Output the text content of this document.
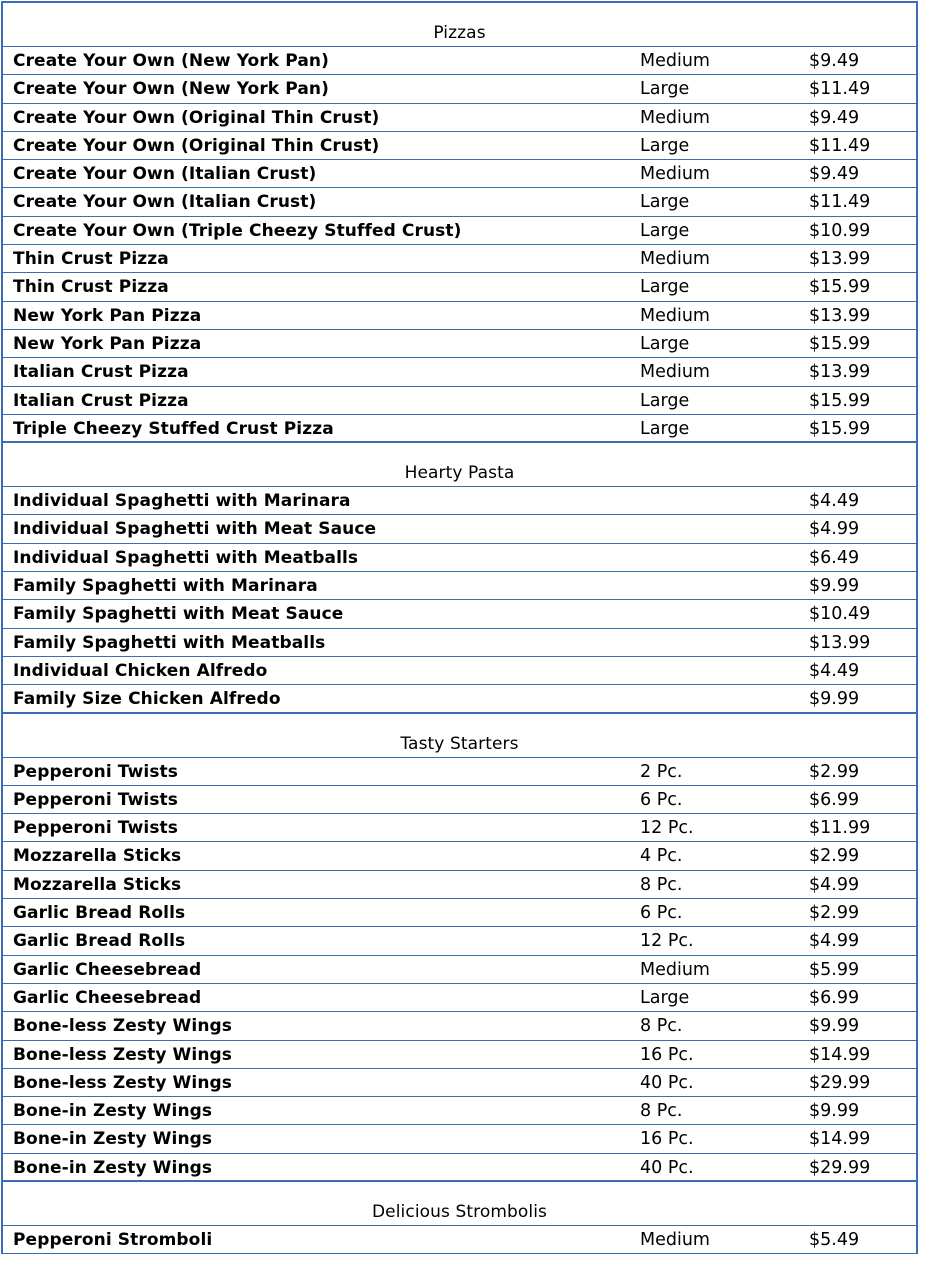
Pizzas
Create Your Own (New York Pan)	Medium	$9.49
Create Your Own (New York Pan)	Large	$11.49
Create Your Own (Original Thin Crust)	Medium	$9.49
Create Your Own (Original Thin Crust)	Large	$11.49
Create Your Own (Italian Crust)	Medium	$9.49
Create Your Own (Italian Crust)	Large	$11.49
Create Your Own (Triple Cheezy Stuffed Crust)	Large	$10.99
Thin Crust Pizza	Medium	$13.99
Thin Crust Pizza	Large	$15.99
New York Pan Pizza	Medium	$13.99
New York Pan Pizza	Large	$15.99
Italian Crust Pizza	Medium	$13.99
Italian Crust Pizza	Large	$15.99
Triple Cheezy Stuffed Crust Pizza	Large	$15.99
Hearty Pasta
Individual Spaghetti with Marinara	$4.49
Individual Spaghetti with Meat Sauce	$4.99
Individual Spaghetti with Meatballs	$6.49
Family Spaghetti with Marinara	$9.99
Family Spaghetti with Meat Sauce	$10.49
Family Spaghetti with Meatballs	$13.99
Individual Chicken Alfredo	$4.49
Family Size Chicken Alfredo	$9.99
Tasty Starters
Pepperoni Twists	2 Pc.	$2.99
Pepperoni Twists	6 Pc.	$6.99
Pepperoni Twists	12 Pc.	$11.99
Mozzarella Sticks	4 Pc.	$2.99
Mozzarella Sticks	8 Pc.	$4.99
Garlic Bread Rolls	6 Pc.	$2.99
Garlic Bread Rolls	12 Pc.	$4.99
Garlic Cheesebread	Medium	$5.99
Garlic Cheesebread	Large	$6.99
Bone-less Zesty Wings	8 Pc.	$9.99
Bone-less Zesty Wings	16 Pc.	$14.99
Bone-less Zesty Wings	40 Pc.	$29.99
Bone-in Zesty Wings	8 Pc.	$9.99
Bone-in Zesty Wings	16 Pc.	$14.99
Bone-in Zesty Wings	40 Pc.	$29.99
Delicious Strombolis
Pepperoni Stromboli	Medium	$5.49
